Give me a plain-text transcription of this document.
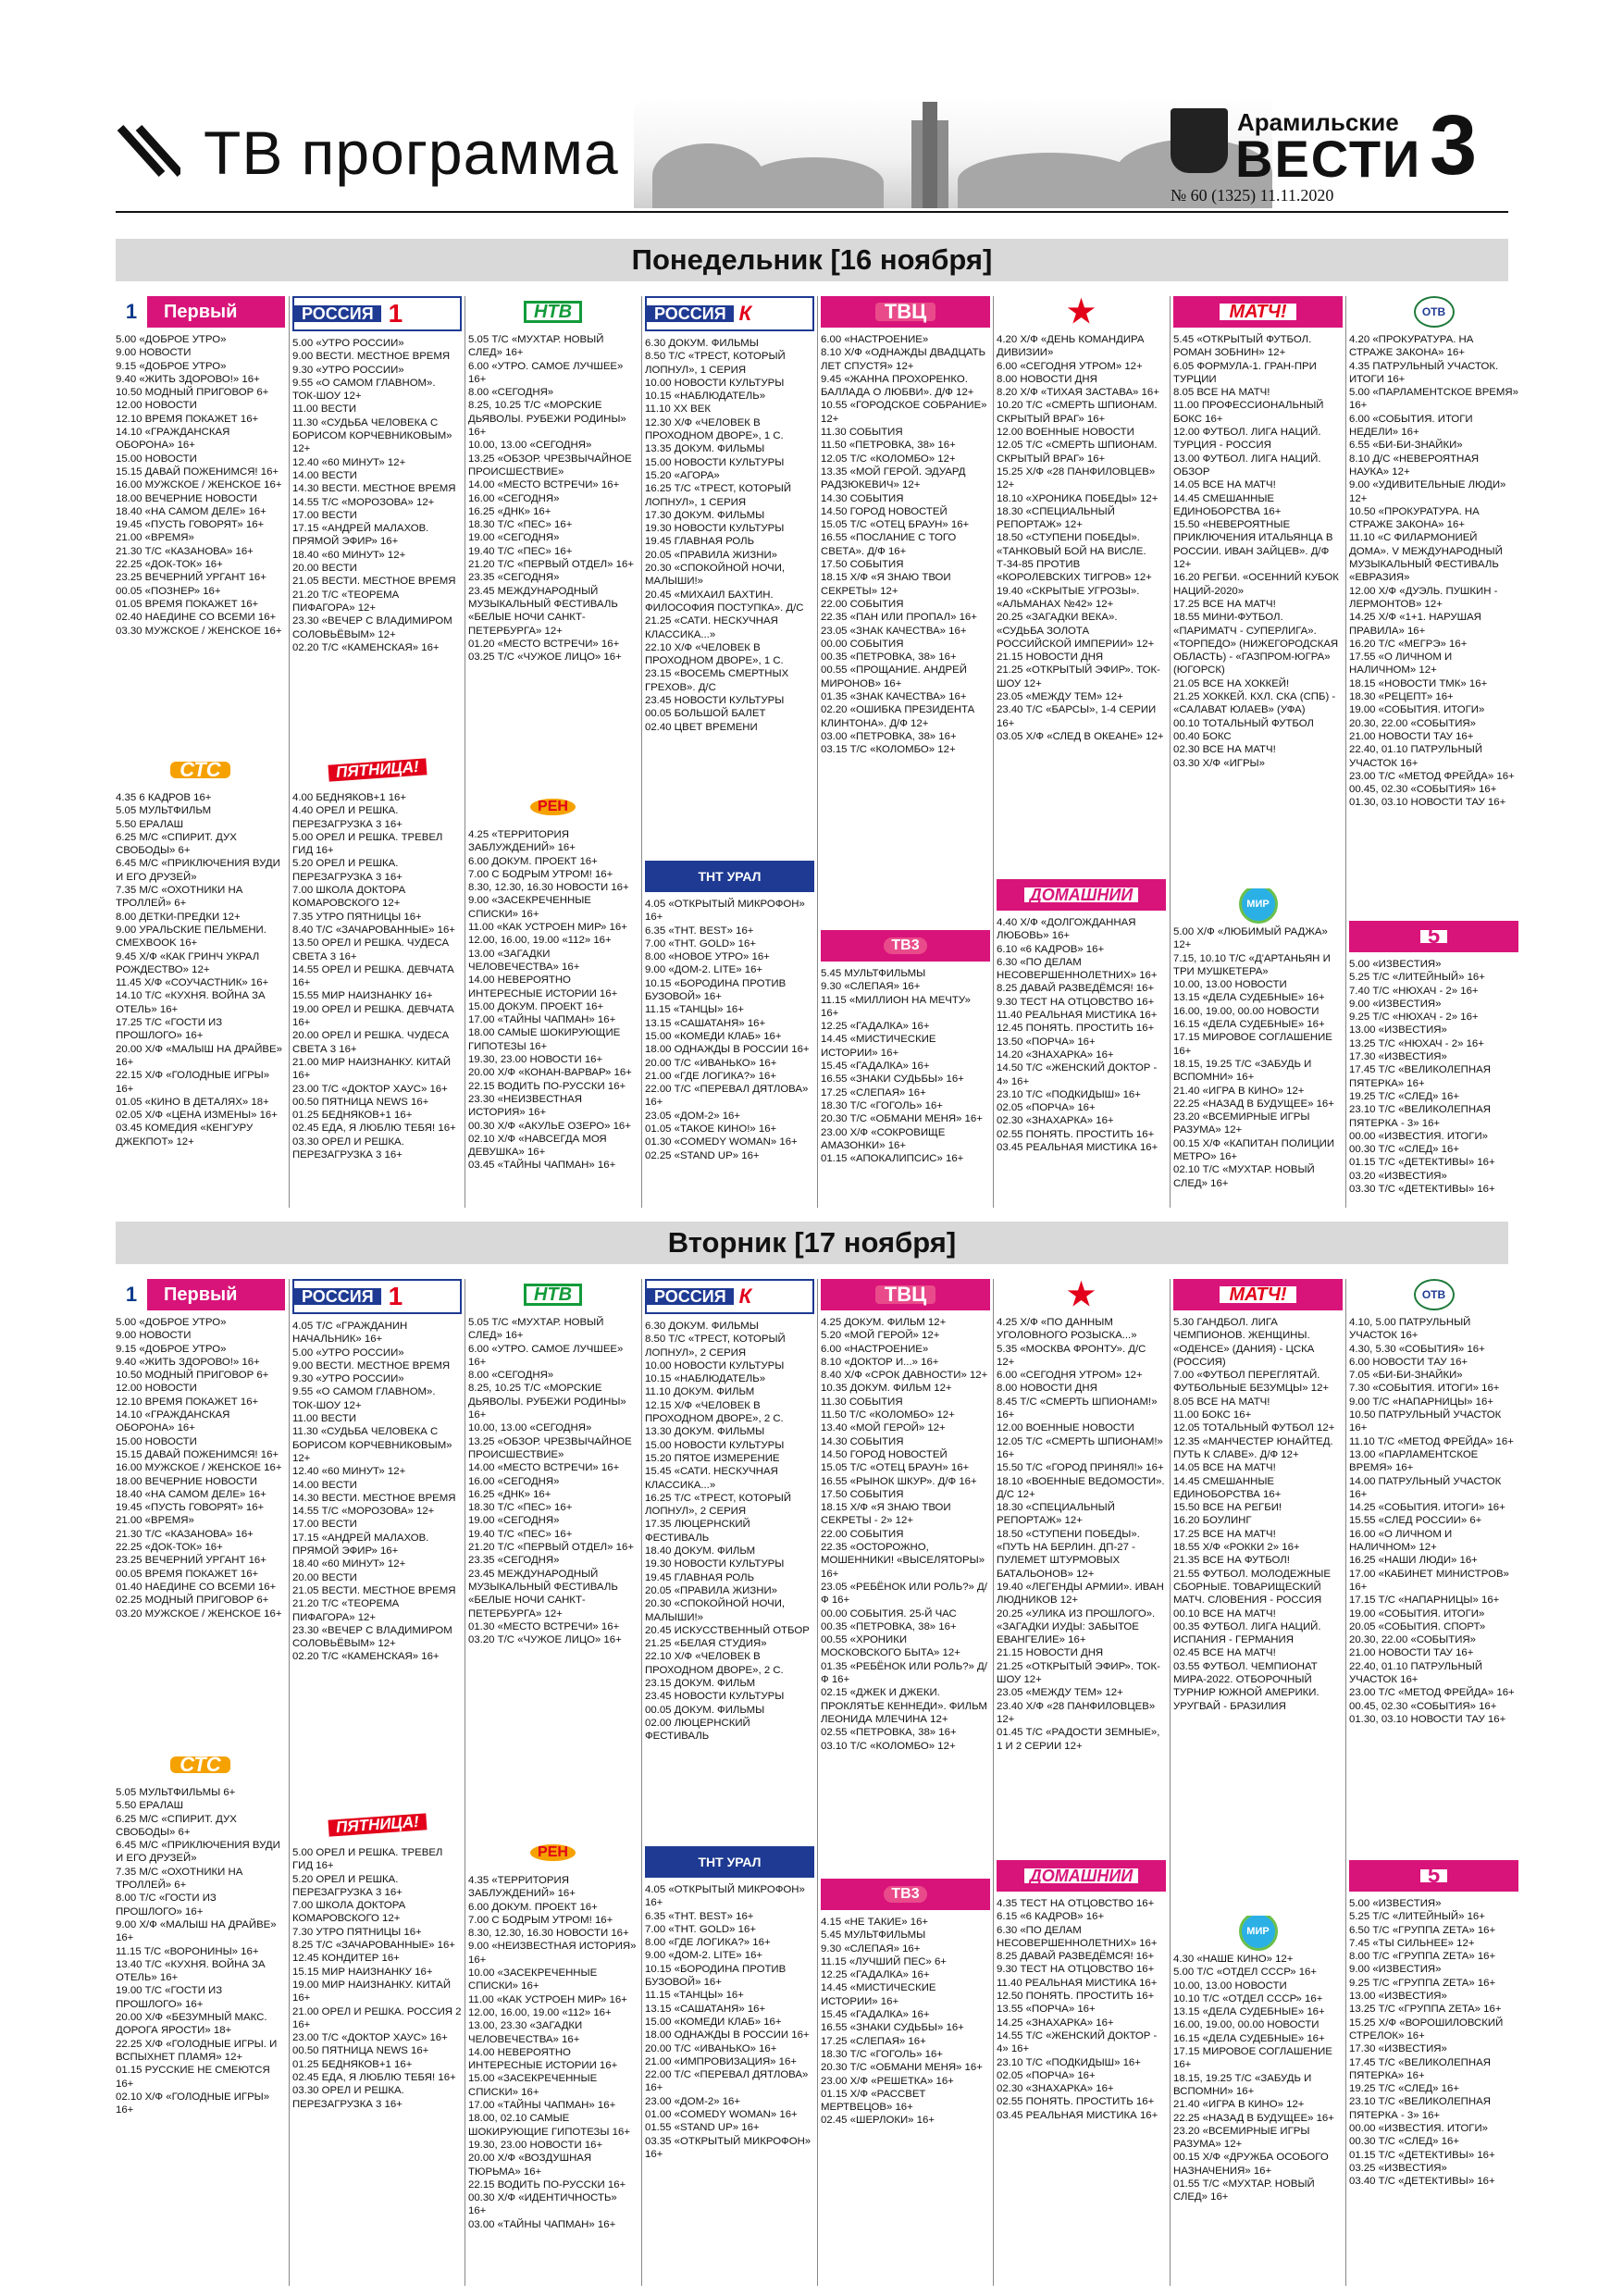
ТВ программа	Арамильские
ВЕСТИ
№ 60 (1325) 11.11.2020
3
Понедельник [16 ноября]
Вторник [17 ноября]
1	Первый
5.00 «ДОБРОЕ УТРО»
9.00 НОВОСТИ
9.15 «ДОБРОЕ УТРО»
9.40 «ЖИТЬ ЗДОРОВО!» 16+
10.50 МОДНЫЙ ПРИГОВОР 6+
12.00 НОВОСТИ
12.10 ВРЕМЯ ПОКАЖЕТ 16+
14.10 «ГРАЖДАНСКАЯ ОБОРОНА» 16+
15.00 НОВОСТИ
15.15 ДАВАЙ ПОЖЕНИМСЯ! 16+
16.00 МУЖСКОЕ / ЖЕНСКОЕ 16+
18.00 ВЕЧЕРНИЕ НОВОСТИ
18.40 «НА САМОМ ДЕЛЕ» 16+
19.45 «ПУСТЬ ГОВОРЯТ» 16+
21.00 «ВРЕМЯ»
21.30 Т/С «КАЗАНОВА» 16+
22.25 «ДОК-ТОК» 16+
23.25 ВЕЧЕРНИЙ УРГАНТ 16+
00.05 «ПОЗНЕР» 16+
01.05 ВРЕМЯ ПОКАЖЕТ 16+
02.40 НАЕДИНЕ СО ВСЕМИ 16+
03.30 МУЖСКОЕ / ЖЕНСКОЕ 16+
СТС
4.35 6 КАДРОВ 16+
5.05 МУЛЬТФИЛЬМ
5.50 ЕРАЛАШ
6.25 М/С «СПИРИТ. ДУХ СВОБОДЫ» 6+
6.45 М/С «ПРИКЛЮЧЕНИЯ ВУДИ И ЕГО ДРУЗЕЙ»
7.35 М/С «ОХОТНИКИ НА ТРОЛЛЕЙ» 6+
8.00 ДЕТКИ-ПРЕДКИ 12+
9.00 УРАЛЬСКИЕ ПЕЛЬМЕНИ. СМЕХBOOK 16+
9.45 Х/Ф «КАК ГРИНЧ УКРАЛ РОЖДЕСТВО» 12+
11.45 Х/Ф «СОУЧАСТНИК» 16+
14.10 Т/С «КУХНЯ. ВОЙНА ЗА ОТЕЛЬ» 16+
17.25 Т/С «ГОСТИ ИЗ ПРОШЛОГО» 16+
20.00 Х/Ф «МАЛЫШ НА ДРАЙВЕ» 16+
22.15 Х/Ф «ГОЛОДНЫЕ ИГРЫ» 16+
01.05 «КИНО В ДЕТАЛЯХ» 18+
02.05 Х/Ф «ЦЕНА ИЗМЕНЫ» 16+
03.45 КОМЕДИЯ «КЕНГУРУ ДЖЕКПОТ» 12+
РОССИЯ 1
5.00 «УТРО РОССИИ»
9.00 ВЕСТИ. МЕСТНОЕ ВРЕМЯ
9.30 «УТРО РОССИИ»
9.55 «О САМОМ ГЛАВНОМ». ТОК-ШОУ 12+
11.00 ВЕСТИ
11.30 «СУДЬБА ЧЕЛОВЕКА С БОРИСОМ КОРЧЕВНИКОВЫМ» 12+
12.40 «60 МИНУТ» 12+
14.00 ВЕСТИ
14.30 ВЕСТИ. МЕСТНОЕ ВРЕМЯ
14.55 Т/С «МОРОЗОВА» 12+
17.00 ВЕСТИ
17.15 «АНДРЕЙ МАЛАХОВ. ПРЯМОЙ ЭФИР» 16+
18.40 «60 МИНУТ» 12+
20.00 ВЕСТИ
21.05 ВЕСТИ. МЕСТНОЕ ВРЕМЯ
21.20 Т/С «ТЕОРЕМА ПИФАГОРА» 12+
23.30 «ВЕЧЕР С ВЛАДИМИРОМ СОЛОВЬЁВЫМ» 12+
02.20 Т/С «КАМЕНСКАЯ» 16+
ПЯТНИЦА!
4.00 БЕДНЯКОВ+1 16+
4.40 ОРЕЛ И РЕШКА. ПЕРЕЗАГРУЗКА 3 16+
5.00 ОРЕЛ И РЕШКА. ТРЕВЕЛ ГИД 16+
5.20 ОРЕЛ И РЕШКА. ПЕРЕЗАГРУЗКА 3 16+
7.00 ШКОЛА ДОКТОРА КОМАРОВСКОГО 12+
7.35 УТРО ПЯТНИЦЫ 16+
8.40 Т/С «ЗАЧАРОВАННЫЕ» 16+
13.50 ОРЕЛ И РЕШКА. ЧУДЕСА СВЕТА 3 16+
14.55 ОРЕЛ И РЕШКА. ДЕВЧАТА 16+
15.55 МИР НАИЗНАНКУ 16+
19.00 ОРЕЛ И РЕШКА. ДЕВЧАТА 16+
20.00 ОРЕЛ И РЕШКА. ЧУДЕСА СВЕТА 3 16+
21.00 МИР НАИЗНАНКУ. КИТАЙ 16+
23.00 Т/С «ДОКТОР ХАУС» 16+
00.50 ПЯТНИЦА NEWS 16+
01.25 БЕДНЯКОВ+1 16+
02.45 ЕДА, Я ЛЮБЛЮ ТЕБЯ! 16+
03.30 ОРЕЛ И РЕШКА. ПЕРЕЗАГРУЗКА 3 16+
НТВ
5.05 Т/С «МУХТАР. НОВЫЙ СЛЕД» 16+
6.00 «УТРО. САМОЕ ЛУЧШЕЕ» 16+
8.00 «СЕГОДНЯ»
8.25, 10.25 Т/С «МОРСКИЕ ДЬЯВОЛЫ. РУБЕЖИ РОДИНЫ» 16+
10.00, 13.00 «СЕГОДНЯ»
13.25 «ОБЗОР. ЧРЕЗВЫЧАЙНОЕ ПРОИСШЕСТВИЕ»
14.00 «МЕСТО ВСТРЕЧИ» 16+
16.00 «СЕГОДНЯ»
16.25 «ДНК» 16+
18.30 Т/С «ПЕС» 16+
19.00 «СЕГОДНЯ»
19.40 Т/С «ПЕС» 16+
21.20 Т/С «ПЕРВЫЙ ОТДЕЛ» 16+
23.35 «СЕГОДНЯ»
23.45 МЕЖДУНАРОДНЫЙ МУЗЫКАЛЬНЫЙ ФЕСТИВАЛЬ «БЕЛЫЕ НОЧИ САНКТ-ПЕТЕРБУРГА» 12+
01.20 «МЕСТО ВСТРЕЧИ» 16+
03.25 Т/С «ЧУЖОЕ ЛИЦО» 16+
РЕН
4.25 «ТЕРРИТОРИЯ ЗАБЛУЖДЕНИЙ» 16+
6.00 ДОКУМ. ПРОЕКТ 16+
7.00 С БОДРЫМ УТРОМ! 16+
8.30, 12.30, 16.30 НОВОСТИ 16+
9.00 «ЗАСЕКРЕЧЕННЫЕ СПИСКИ» 16+
11.00 «КАК УСТРОЕН МИР» 16+
12.00, 16.00, 19.00 «112» 16+
13.00 «ЗАГАДКИ ЧЕЛОВЕЧЕСТВА» 16+
14.00 НЕВЕРОЯТНО ИНТЕРЕСНЫЕ ИСТОРИИ 16+
15.00 ДОКУМ. ПРОЕКТ 16+
17.00 «ТАЙНЫ ЧАПМАН» 16+
18.00 САМЫЕ ШОКИРУЮЩИЕ ГИПОТЕЗЫ 16+
19.30, 23.00 НОВОСТИ 16+
20.00 Х/Ф «КОНАН-ВАРВАР» 16+
22.15 ВОДИТЬ ПО-РУССКИ 16+
23.30 «НЕИЗВЕСТНАЯ ИСТОРИЯ» 16+
00.30 Х/Ф «АКУЛЬЕ ОЗЕРО» 16+
02.10 Х/Ф «НАВСЕГДА МОЯ ДЕВУШКА» 16+
03.45 «ТАЙНЫ ЧАПМАН» 16+
РОССИЯ К
6.30 ДОКУМ. ФИЛЬМЫ
8.50 Т/С «ТРЕСТ, КОТОРЫЙ ЛОПНУЛ», 1 СЕРИЯ
10.00 НОВОСТИ КУЛЬТУРЫ
10.15 «НАБЛЮДАТЕЛЬ»
11.10 ХХ ВЕК
12.30 Х/Ф «ЧЕЛОВЕК В ПРОХОДНОМ ДВОРЕ», 1 С.
13.35 ДОКУМ. ФИЛЬМЫ
15.00 НОВОСТИ КУЛЬТУРЫ
15.20 «АГОРА»
16.25 Т/С «ТРЕСТ, КОТОРЫЙ ЛОПНУЛ», 1 СЕРИЯ
17.30 ДОКУМ. ФИЛЬМЫ
19.30 НОВОСТИ КУЛЬТУРЫ
19.45 ГЛАВНАЯ РОЛЬ
20.05 «ПРАВИЛА ЖИЗНИ»
20.30 «СПОКОЙНОЙ НОЧИ, МАЛЫШИ!»
20.45 «МИХАИЛ БАХТИН. ФИЛОСОФИЯ ПОСТУПКА». Д/С
21.25 «САТИ. НЕСКУЧНАЯ КЛАССИКА...»
22.10 Х/Ф «ЧЕЛОВЕК В ПРОХОДНОМ ДВОРЕ», 1 С.
23.15 «ВОСЕМЬ СМЕРТНЫХ ГРЕХОВ». Д/С
23.45 НОВОСТИ КУЛЬТУРЫ
00.05 БОЛЬШОЙ БАЛЕТ
02.40 ЦВЕТ ВРЕМЕНИ
ТНТ УРАЛ
4.05 «ОТКРЫТЫЙ МИКРОФОН» 16+
6.35 «ТНТ. BEST» 16+
7.00 «ТНТ. GOLD» 16+
8.00 «НОВОЕ УТРО» 16+
9.00 «ДОМ-2. LITE» 16+
10.15 «БОРОДИНА ПРОТИВ БУЗОВОЙ» 16+
11.15 «ТАНЦЫ» 16+
13.15 «САШАТАНЯ» 16+
15.00 «КОМЕДИ КЛАБ» 16+
18.00 ОДНАЖДЫ В РОССИИ 16+
20.00 Т/С «ИВАНЬКО» 16+
21.00 «ГДЕ ЛОГИКА?» 16+
22.00 Т/С «ПЕРЕВАЛ ДЯТЛОВА» 16+
23.05 «ДОМ-2» 16+
01.05 «ТАКОЕ КИНО!» 16+
01.30 «COMEDY WOMAN» 16+
02.25 «STAND UP» 16+
ТВЦ
6.00 «НАСТРОЕНИЕ»
8.10 Х/Ф «ОДНАЖДЫ ДВАДЦАТЬ ЛЕТ СПУСТЯ» 12+
9.45 «ЖАННА ПРОХОРЕНКО. БАЛЛАДА О ЛЮБВИ». Д/Ф 12+
10.55 «ГОРОДСКОЕ СОБРАНИЕ» 12+
11.30 СОБЫТИЯ
11.50 «ПЕТРОВКА, 38» 16+
12.05 Т/С «КОЛОМБО» 12+
13.35 «МОЙ ГЕРОЙ. ЭДУАРД РАДЗЮКЕВИЧ» 12+
14.30 СОБЫТИЯ
14.50 ГОРОД НОВОСТЕЙ
15.05 Т/С «ОТЕЦ БРАУН» 16+
16.55 «ПОСЛАНИЕ С ТОГО СВЕТА». Д/Ф 16+
17.50 СОБЫТИЯ
18.15 Х/Ф «Я ЗНАЮ ТВОИ СЕКРЕТЫ» 12+
22.00 СОБЫТИЯ
22.35 «ПАН ИЛИ ПРОПАЛ» 16+
23.05 «ЗНАК КАЧЕСТВА» 16+
00.00 СОБЫТИЯ
00.35 «ПЕТРОВКА, 38» 16+
00.55 «ПРОЩАНИЕ. АНДРЕЙ МИРОНОВ» 16+
01.35 «ЗНАК КАЧЕСТВА» 16+
02.20 «ОШИБКА ПРЕЗИДЕНТА КЛИНТОНА». Д/Ф 12+
03.00 «ПЕТРОВКА, 38» 16+
03.15 Т/С «КОЛОМБО» 12+
ТВ3
5.45 МУЛЬТФИЛЬМЫ
9.30 «СЛЕПАЯ» 16+
11.15 «МИЛЛИОН НА МЕЧТУ» 16+
12.25 «ГАДАЛКА» 16+
14.45 «МИСТИЧЕСКИЕ ИСТОРИИ» 16+
15.45 «ГАДАЛКА» 16+
16.55 «ЗНАКИ СУДЬБЫ» 16+
17.25 «СЛЕПАЯ» 16+
18.30 Т/С «ГОГОЛЬ» 16+
20.30 Т/С «ОБМАНИ МЕНЯ» 16+
23.00 Х/Ф «СОКРОВИЩЕ АМАЗОНКИ» 16+
01.15 «АПОКАЛИПСИС» 16+
★
4.20 Х/Ф «ДЕНЬ КОМАНДИРА ДИВИЗИИ»
6.00 «СЕГОДНЯ УТРОМ» 12+
8.00 НОВОСТИ ДНЯ
8.20 Х/Ф «ТИХАЯ ЗАСТАВА» 16+
10.20 Т/С «СМЕРТЬ ШПИОНАМ. СКРЫТЫЙ ВРАГ» 16+
12.00 ВОЕННЫЕ НОВОСТИ
12.05 Т/С «СМЕРТЬ ШПИОНАМ. СКРЫТЫЙ ВРАГ» 16+
15.25 Х/Ф «28 ПАНФИЛОВЦЕВ» 12+
18.10 «ХРОНИКА ПОБЕДЫ» 12+
18.30 «СПЕЦИАЛЬНЫЙ РЕПОРТАЖ» 12+
18.50 «СТУПЕНИ ПОБЕДЫ». «ТАНКОВЫЙ БОЙ НА ВИСЛЕ. Т-34-85 ПРОТИВ «КОРОЛЕВСКИХ ТИГРОВ» 12+
19.40 «СКРЫТЫЕ УГРОЗЫ». «АЛЬМАНАХ №42» 12+
20.25 «ЗАГАДКИ ВЕКА». «СУДЬБА ЗОЛОТА РОССИЙСКОЙ ИМПЕРИИ» 12+
21.15 НОВОСТИ ДНЯ
21.25 «ОТКРЫТЫЙ ЭФИР». ТОК-ШОУ 12+
23.05 «МЕЖДУ ТЕМ» 12+
23.40 Т/С «БАРСЫ», 1-4 СЕРИИ 16+
03.05 Х/Ф «СЛЕД В ОКЕАНЕ» 12+
ДОМАШНИЙ
4.40 Х/Ф «ДОЛГОЖДАННАЯ ЛЮБОВЬ» 16+
6.10 «6 КАДРОВ» 16+
6.30 «ПО ДЕЛАМ НЕСОВЕРШЕННОЛЕТНИХ» 16+
8.25 ДАВАЙ РАЗВЕДЁМСЯ! 16+
9.30 ТЕСТ НА ОТЦОВСТВО 16+
11.40 РЕАЛЬНАЯ МИСТИКА 16+
12.45 ПОНЯТЬ. ПРОСТИТЬ 16+
13.50 «ПОРЧА» 16+
14.20 «ЗНАХАРКА» 16+
14.50 Т/С «ЖЕНСКИЙ ДОКТОР - 4» 16+
23.10 Т/С «ПОДКИДЫШ» 16+
02.05 «ПОРЧА» 16+
02.30 «ЗНАХАРКА» 16+
02.55 ПОНЯТЬ. ПРОСТИТЬ 16+
03.45 РЕАЛЬНАЯ МИСТИКА 16+
МАТЧ!
5.45 «ОТКРЫТЫЙ ФУТБОЛ. РОМАН ЗОБНИН» 12+
6.05 ФОРМУЛА-1. ГРАН-ПРИ ТУРЦИИ
8.05 ВСЕ НА МАТЧ!
11.00 ПРОФЕССИОНАЛЬНЫЙ БОКС 16+
12.00 ФУТБОЛ. ЛИГА НАЦИЙ. ТУРЦИЯ - РОССИЯ
13.00 ФУТБОЛ. ЛИГА НАЦИЙ. ОБЗОР
14.05 ВСЕ НА МАТЧ!
14.45 СМЕШАННЫЕ ЕДИНОБОРСТВА 16+
15.50 «НЕВЕРОЯТНЫЕ ПРИКЛЮЧЕНИЯ ИТАЛЬЯНЦА В РОССИИ. ИВАН ЗАЙЦЕВ». Д/Ф 12+
16.20 РЕГБИ. «ОСЕННИЙ КУБОК НАЦИЙ-2020»
17.25 ВСЕ НА МАТЧ!
18.55 МИНИ-ФУТБОЛ. «ПАРИМАТЧ - СУПЕРЛИГА». «ТОРПЕДО» (НИЖЕГОРОДСКАЯ ОБЛАСТЬ) - «ГАЗПРОМ-ЮГРА» (ЮГОРСК)
21.05 ВСЕ НА ХОККЕЙ!
21.25 ХОККЕЙ. КХЛ. СКА (СПБ) - «САЛАВАТ ЮЛАЕВ» (УФА)
00.10 ТОТАЛЬНЫЙ ФУТБОЛ
00.40 БОКС
02.30 ВСЕ НА МАТЧ!
03.30 Х/Ф «ИГРЫ»
МИР
5.00 Х/Ф «ЛЮБИМЫЙ РАДЖА» 12+
7.15, 10.10 Т/С «Д'АРТАНЬЯН И ТРИ МУШКЕТЕРА»
10.00, 13.00 НОВОСТИ
13.15 «ДЕЛА СУДЕБНЫЕ» 16+
16.00, 19.00, 00.00 НОВОСТИ
16.15 «ДЕЛА СУДЕБНЫЕ» 16+
17.15 МИРОВОЕ СОГЛАШЕНИЕ 16+
18.15, 19.25 Т/С «ЗАБУДЬ И ВСПОМНИ» 16+
21.40 «ИГРА В КИНО» 12+
22.25 «НАЗАД В БУДУЩЕЕ» 16+
23.20 «ВСЕМИРНЫЕ ИГРЫ РАЗУМА» 12+
00.15 Х/Ф «КАПИТАН ПОЛИЦИИ МЕТРО» 16+
02.10 Т/С «МУХТАР. НОВЫЙ СЛЕД» 16+
ОТВ
4.20 «ПРОКУРАТУРА. НА СТРАЖЕ ЗАКОНА» 16+
4.35 ПАТРУЛЬНЫЙ УЧАСТОК. ИТОГИ 16+
5.00 «ПАРЛАМЕНТСКОЕ ВРЕМЯ» 16+
6.00 «СОБЫТИЯ. ИТОГИ НЕДЕЛИ» 16+
6.55 «БИ-БИ-ЗНАЙКИ»
8.10 Д/С «НЕВЕРОЯТНАЯ НАУКА» 12+
9.00 «УДИВИТЕЛЬНЫЕ ЛЮДИ» 12+
10.50 «ПРОКУРАТУРА. НА СТРАЖЕ ЗАКОНА» 16+
11.10 «С ФИЛАРМОНИЕЙ ДОМА». V МЕЖДУНАРОДНЫЙ МУЗЫКАЛЬНЫЙ ФЕСТИВАЛЬ «ЕВРАЗИЯ»
12.00 Х/Ф «ДУЭЛЬ. ПУШКИН - ЛЕРМОНТОВ» 12+
14.25 Х/Ф «1+1. НАРУШАЯ ПРАВИЛА» 16+
16.20 Т/С «МЕГРЭ» 16+
17.55 «О ЛИЧНОМ И НАЛИЧНОМ» 12+
18.15 «НОВОСТИ ТМК» 16+
18.30 «РЕЦЕПТ» 16+
19.00 «СОБЫТИЯ. ИТОГИ»
20.30, 22.00 «СОБЫТИЯ»
21.00 НОВОСТИ ТАУ 16+
22.40, 01.10 ПАТРУЛЬНЫЙ УЧАСТОК 16+
23.00 Т/С «МЕТОД ФРЕЙДА» 16+
00.45, 02.30 «СОБЫТИЯ» 16+
01.30, 03.10 НОВОСТИ ТАУ 16+
5
5.00 «ИЗВЕСТИЯ»
5.25 Т/С «ЛИТЕЙНЫЙ» 16+
7.40 Т/С «НЮХАЧ - 2» 16+
9.00 «ИЗВЕСТИЯ»
9.25 Т/С «НЮХАЧ - 2» 16+
13.00 «ИЗВЕСТИЯ»
13.25 Т/С «НЮХАЧ - 2» 16+
17.30 «ИЗВЕСТИЯ»
17.45 Т/С «ВЕЛИКОЛЕПНАЯ ПЯТЕРКА» 16+
19.25 Т/С «СЛЕД» 16+
23.10 Т/С «ВЕЛИКОЛЕПНАЯ ПЯТЕРКА - 3» 16+
00.00 «ИЗВЕСТИЯ. ИТОГИ»
00.30 Т/С «СЛЕД» 16+
01.15 Т/С «ДЕТЕКТИВЫ» 16+
03.20 «ИЗВЕСТИЯ»
03.30 Т/С «ДЕТЕКТИВЫ» 16+
1	Первый
5.00 «ДОБРОЕ УТРО»
9.00 НОВОСТИ
9.15 «ДОБРОЕ УТРО»
9.40 «ЖИТЬ ЗДОРОВО!» 16+
10.50 МОДНЫЙ ПРИГОВОР 6+
12.00 НОВОСТИ
12.10 ВРЕМЯ ПОКАЖЕТ 16+
14.10 «ГРАЖДАНСКАЯ ОБОРОНА» 16+
15.00 НОВОСТИ
15.15 ДАВАЙ ПОЖЕНИМСЯ! 16+
16.00 МУЖСКОЕ / ЖЕНСКОЕ 16+
18.00 ВЕЧЕРНИЕ НОВОСТИ
18.40 «НА САМОМ ДЕЛЕ» 16+
19.45 «ПУСТЬ ГОВОРЯТ» 16+
21.00 «ВРЕМЯ»
21.30 Т/С «КАЗАНОВА» 16+
22.25 «ДОК-ТОК» 16+
23.25 ВЕЧЕРНИЙ УРГАНТ 16+
00.05 ВРЕМЯ ПОКАЖЕТ 16+
01.40 НАЕДИНЕ СО ВСЕМИ 16+
02.25 МОДНЫЙ ПРИГОВОР 6+
03.20 МУЖСКОЕ / ЖЕНСКОЕ 16+
СТС
5.05 МУЛЬТФИЛЬМЫ 6+
5.50 ЕРАЛАШ
6.25 М/С «СПИРИТ. ДУХ СВОБОДЫ» 6+
6.45 М/С «ПРИКЛЮЧЕНИЯ ВУДИ И ЕГО ДРУЗЕЙ»
7.35 М/С «ОХОТНИКИ НА ТРОЛЛЕЙ» 6+
8.00 Т/С «ГОСТИ ИЗ ПРОШЛОГО» 16+
9.00 Х/Ф «МАЛЫШ НА ДРАЙВЕ» 16+
11.15 Т/С «ВОРОНИНЫ» 16+
13.40 Т/С «КУХНЯ. ВОЙНА ЗА ОТЕЛЬ» 16+
19.00 Т/С «ГОСТИ ИЗ ПРОШЛОГО» 16+
20.00 Х/Ф «БЕЗУМНЫЙ МАКС. ДОРОГА ЯРОСТИ» 18+
22.25 Х/Ф «ГОЛОДНЫЕ ИГРЫ. И ВСПЫХНЕТ ПЛАМЯ» 12+
01.15 РУССКИЕ НЕ СМЕЮТСЯ 16+
02.10 Х/Ф «ГОЛОДНЫЕ ИГРЫ» 16+
РОССИЯ 1
4.05 Т/С «ГРАЖДАНИН НАЧАЛЬНИК» 16+
5.00 «УТРО РОССИИ»
9.00 ВЕСТИ. МЕСТНОЕ ВРЕМЯ
9.30 «УТРО РОССИИ»
9.55 «О САМОМ ГЛАВНОМ». ТОК-ШОУ 12+
11.00 ВЕСТИ
11.30 «СУДЬБА ЧЕЛОВЕКА С БОРИСОМ КОРЧЕВНИКОВЫМ» 12+
12.40 «60 МИНУТ» 12+
14.00 ВЕСТИ
14.30 ВЕСТИ. МЕСТНОЕ ВРЕМЯ
14.55 Т/С «МОРОЗОВА» 12+
17.00 ВЕСТИ
17.15 «АНДРЕЙ МАЛАХОВ. ПРЯМОЙ ЭФИР» 16+
18.40 «60 МИНУТ» 12+
20.00 ВЕСТИ
21.05 ВЕСТИ. МЕСТНОЕ ВРЕМЯ
21.20 Т/С «ТЕОРЕМА ПИФАГОРА» 12+
23.30 «ВЕЧЕР С ВЛАДИМИРОМ СОЛОВЬЁВЫМ» 12+
02.20 Т/С «КАМЕНСКАЯ» 16+
ПЯТНИЦА!
5.00 ОРЕЛ И РЕШКА. ТРЕВЕЛ ГИД 16+
5.20 ОРЕЛ И РЕШКА. ПЕРЕЗАГРУЗКА 3 16+
7.00 ШКОЛА ДОКТОРА КОМАРОВСКОГО 12+
7.30 УТРО ПЯТНИЦЫ 16+
8.25 Т/С «ЗАЧАРОВАННЫЕ» 16+
12.45 КОНДИТЕР 16+
15.15 МИР НАИЗНАНКУ 16+
19.00 МИР НАИЗНАНКУ. КИТАЙ 16+
21.00 ОРЕЛ И РЕШКА. РОССИЯ 2 16+
23.00 Т/С «ДОКТОР ХАУС» 16+
00.50 ПЯТНИЦА NEWS 16+
01.25 БЕДНЯКОВ+1 16+
02.45 ЕДА, Я ЛЮБЛЮ ТЕБЯ! 16+
03.30 ОРЕЛ И РЕШКА. ПЕРЕЗАГРУЗКА 3 16+
НТВ
5.05 Т/С «МУХТАР. НОВЫЙ СЛЕД» 16+
6.00 «УТРО. САМОЕ ЛУЧШЕЕ» 16+
8.00 «СЕГОДНЯ»
8.25, 10.25 Т/С «МОРСКИЕ ДЬЯВОЛЫ. РУБЕЖИ РОДИНЫ» 16+
10.00, 13.00 «СЕГОДНЯ»
13.25 «ОБЗОР. ЧРЕЗВЫЧАЙНОЕ ПРОИСШЕСТВИЕ»
14.00 «МЕСТО ВСТРЕЧИ» 16+
16.00 «СЕГОДНЯ»
16.25 «ДНК» 16+
18.30 Т/С «ПЕС» 16+
19.00 «СЕГОДНЯ»
19.40 Т/С «ПЕС» 16+
21.20 Т/С «ПЕРВЫЙ ОТДЕЛ» 16+
23.35 «СЕГОДНЯ»
23.45 МЕЖДУНАРОДНЫЙ МУЗЫКАЛЬНЫЙ ФЕСТИВАЛЬ «БЕЛЫЕ НОЧИ САНКТ-ПЕТЕРБУРГА» 12+
01.30 «МЕСТО ВСТРЕЧИ» 16+
03.20 Т/С «ЧУЖОЕ ЛИЦО» 16+
РЕН
4.35 «ТЕРРИТОРИЯ ЗАБЛУЖДЕНИЙ» 16+
6.00 ДОКУМ. ПРОЕКТ 16+
7.00 С БОДРЫМ УТРОМ! 16+
8.30, 12.30, 16.30 НОВОСТИ 16+
9.00 «НЕИЗВЕСТНАЯ ИСТОРИЯ» 16+
10.00 «ЗАСЕКРЕЧЕННЫЕ СПИСКИ» 16+
11.00 «КАК УСТРОЕН МИР» 16+
12.00, 16.00, 19.00 «112» 16+
13.00, 23.30 «ЗАГАДКИ ЧЕЛОВЕЧЕСТВА» 16+
14.00 НЕВЕРОЯТНО ИНТЕРЕСНЫЕ ИСТОРИИ 16+
15.00 «ЗАСЕКРЕЧЕННЫЕ СПИСКИ» 16+
17.00 «ТАЙНЫ ЧАПМАН» 16+
18.00, 02.10 САМЫЕ ШОКИРУЮЩИЕ ГИПОТЕЗЫ 16+
19.30, 23.00 НОВОСТИ 16+
20.00 Х/Ф «ВОЗДУШНАЯ ТЮРЬМА» 16+
22.15 ВОДИТЬ ПО-РУССКИ 16+
00.30 Х/Ф «ИДЕНТИЧНОСТЬ» 16+
03.00 «ТАЙНЫ ЧАПМАН» 16+
РОССИЯ К
6.30 ДОКУМ. ФИЛЬМЫ
8.50 Т/С «ТРЕСТ, КОТОРЫЙ ЛОПНУЛ», 2 СЕРИЯ
10.00 НОВОСТИ КУЛЬТУРЫ
10.15 «НАБЛЮДАТЕЛЬ»
11.10 ДОКУМ. ФИЛЬМ
12.15 Х/Ф «ЧЕЛОВЕК В ПРОХОДНОМ ДВОРЕ», 2 С.
13.30 ДОКУМ. ФИЛЬМЫ
15.00 НОВОСТИ КУЛЬТУРЫ
15.20 ПЯТОЕ ИЗМЕРЕНИЕ
15.45 «САТИ. НЕСКУЧНАЯ КЛАССИКА...»
16.25 Т/С «ТРЕСТ, КОТОРЫЙ ЛОПНУЛ», 2 СЕРИЯ
17.35 ЛЮЦЕРНСКИЙ ФЕСТИВАЛЬ
18.40 ДОКУМ. ФИЛЬМ
19.30 НОВОСТИ КУЛЬТУРЫ
19.45 ГЛАВНАЯ РОЛЬ
20.05 «ПРАВИЛА ЖИЗНИ»
20.30 «СПОКОЙНОЙ НОЧИ, МАЛЫШИ!»
20.45 ИСКУССТВЕННЫЙ ОТБОР
21.25 «БЕЛАЯ СТУДИЯ»
22.10 Х/Ф «ЧЕЛОВЕК В ПРОХОДНОМ ДВОРЕ», 2 С.
23.15 ДОКУМ. ФИЛЬМ
23.45 НОВОСТИ КУЛЬТУРЫ
00.05 ДОКУМ. ФИЛЬМЫ
02.00 ЛЮЦЕРНСКИЙ ФЕСТИВАЛЬ
ТНТ УРАЛ
4.05 «ОТКРЫТЫЙ МИКРОФОН» 16+
6.35 «ТНТ. BEST» 16+
7.00 «ТНТ. GOLD» 16+
8.00 «ГДЕ ЛОГИКА?» 16+
9.00 «ДОМ-2. LITE» 16+
10.15 «БОРОДИНА ПРОТИВ БУЗОВОЙ» 16+
11.15 «ТАНЦЫ» 16+
13.15 «САШАТАНЯ» 16+
15.00 «КОМЕДИ КЛАБ» 16+
18.00 ОДНАЖДЫ В РОССИИ 16+
20.00 Т/С «ИВАНЬКО» 16+
21.00 «ИМПРОВИЗАЦИЯ» 16+
22.00 Т/С «ПЕРЕВАЛ ДЯТЛОВА» 16+
23.00 «ДОМ-2» 16+
01.00 «COMEDY WOMAN» 16+
01.55 «STAND UP» 16+
03.35 «ОТКРЫТЫЙ МИКРОФОН» 16+
ТВЦ
4.25 ДОКУМ. ФИЛЬМ 12+
5.20 «МОЙ ГЕРОЙ» 12+
6.00 «НАСТРОЕНИЕ»
8.10 «ДОКТОР И...» 16+
8.40 Х/Ф «СРОК ДАВНОСТИ» 12+
10.35 ДОКУМ. ФИЛЬМ 12+
11.30 СОБЫТИЯ
11.50 Т/С «КОЛОМБО» 12+
13.40 «МОЙ ГЕРОЙ» 12+
14.30 СОБЫТИЯ
14.50 ГОРОД НОВОСТЕЙ
15.05 Т/С «ОТЕЦ БРАУН» 16+
16.55 «РЫНОК ШКУР». Д/Ф 16+
17.50 СОБЫТИЯ
18.15 Х/Ф «Я ЗНАЮ ТВОИ СЕКРЕТЫ - 2» 12+
22.00 СОБЫТИЯ
22.35 «ОСТОРОЖНО, МОШЕННИКИ! «ВЫСЕЛЯТОРЫ» 16+
23.05 «РЕБЁНОК ИЛИ РОЛЬ?» Д/Ф 16+
00.00 СОБЫТИЯ. 25-Й ЧАС
00.35 «ПЕТРОВКА, 38» 16+
00.55 «ХРОНИКИ МОСКОВСКОГО БЫТА» 12+
01.35 «РЕБЁНОК ИЛИ РОЛЬ?» Д/Ф 16+
02.15 «ДЖЕК И ДЖЕКИ. ПРОКЛЯТЬЕ КЕННЕДИ». ФИЛЬМ ЛЕОНИДА МЛЕЧИНА 12+
02.55 «ПЕТРОВКА, 38» 16+
03.10 Т/С «КОЛОМБО» 12+
ТВ3
4.15 «НЕ ТАКИЕ» 16+
5.45 МУЛЬТФИЛЬМЫ
9.30 «СЛЕПАЯ» 16+
11.15 «ЛУЧШИЙ ПЕС» 6+
12.25 «ГАДАЛКА» 16+
14.45 «МИСТИЧЕСКИЕ ИСТОРИИ» 16+
15.45 «ГАДАЛКА» 16+
16.55 «ЗНАКИ СУДЬБЫ» 16+
17.25 «СЛЕПАЯ» 16+
18.30 Т/С «ГОГОЛЬ» 16+
20.30 Т/С «ОБМАНИ МЕНЯ» 16+
23.00 Х/Ф «РЕШЕТКА» 16+
01.15 Х/Ф «РАССВЕТ МЕРТВЕЦОВ» 16+
02.45 «ШЕРЛОКИ» 16+
★
4.25 Х/Ф «ПО ДАННЫМ УГОЛОВНОГО РОЗЫСКА...»
5.35 «МОСКВА ФРОНТУ». Д/С 12+
6.00 «СЕГОДНЯ УТРОМ» 12+
8.00 НОВОСТИ ДНЯ
8.45 Т/С «СМЕРТЬ ШПИОНАМ!» 16+
12.00 ВОЕННЫЕ НОВОСТИ
12.05 Т/С «СМЕРТЬ ШПИОНАМ!» 16+
15.50 Т/С «ГОРОД ПРИНЯЛ!» 16+
18.10 «ВОЕННЫЕ ВЕДОМОСТИ». Д/С 12+
18.30 «СПЕЦИАЛЬНЫЙ РЕПОРТАЖ» 12+
18.50 «СТУПЕНИ ПОБЕДЫ». «ПУТЬ НА БЕРЛИН. ДП-27 - ПУЛЕМЕТ ШТУРМОВЫХ БАТАЛЬОНОВ» 12+
19.40 «ЛЕГЕНДЫ АРМИИ». ИВАН ЛЮДНИКОВ 12+
20.25 «УЛИКА ИЗ ПРОШЛОГО». «ЗАГАДКИ ИУДЫ: ЗАБЫТОЕ ЕВАНГЕЛИЕ» 16+
21.15 НОВОСТИ ДНЯ
21.25 «ОТКРЫТЫЙ ЭФИР». ТОК-ШОУ 12+
23.05 «МЕЖДУ ТЕМ» 12+
23.40 Х/Ф «28 ПАНФИЛОВЦЕВ» 12+
01.45 Т/С «РАДОСТИ ЗЕМНЫЕ», 1 И 2 СЕРИИ 12+
ДОМАШНИЙ
4.35 ТЕСТ НА ОТЦОВСТВО 16+
6.15 «6 КАДРОВ» 16+
6.30 «ПО ДЕЛАМ НЕСОВЕРШЕННОЛЕТНИХ» 16+
8.25 ДАВАЙ РАЗВЕДЁМСЯ! 16+
9.30 ТЕСТ НА ОТЦОВСТВО 16+
11.40 РЕАЛЬНАЯ МИСТИКА 16+
12.50 ПОНЯТЬ. ПРОСТИТЬ 16+
13.55 «ПОРЧА» 16+
14.25 «ЗНАХАРКА» 16+
14.55 Т/С «ЖЕНСКИЙ ДОКТОР - 4» 16+
23.10 Т/С «ПОДКИДЫШ» 16+
02.05 «ПОРЧА» 16+
02.30 «ЗНАХАРКА» 16+
02.55 ПОНЯТЬ. ПРОСТИТЬ 16+
03.45 РЕАЛЬНАЯ МИСТИКА 16+
МАТЧ!
5.30 ГАНДБОЛ. ЛИГА ЧЕМПИОНОВ. ЖЕНЩИНЫ. «ОДЕНСЕ» (ДАНИЯ) - ЦСКА (РОССИЯ)
7.00 «ФУТБОЛ ПЕРЕГЛЯТАЙ. ФУТБОЛЬНЫЕ БЕЗУМЦЫ» 12+
8.05 ВСЕ НА МАТЧ!
11.00 БОКС 16+
12.05 ТОТАЛЬНЫЙ ФУТБОЛ 12+
12.35 «МАНЧЕСТЕР ЮНАЙТЕД. ПУТЬ К СЛАВЕ». Д/Ф 12+
14.05 ВСЕ НА МАТЧ!
14.45 СМЕШАННЫЕ ЕДИНОБОРСТВА 16+
15.50 ВСЕ НА РЕГБИ!
16.20 БОУЛИНГ
17.25 ВСЕ НА МАТЧ!
18.55 Х/Ф «РОККИ 2» 16+
21.35 ВСЕ НА ФУТБОЛ!
21.55 ФУТБОЛ. МОЛОДЕЖНЫЕ СБОРНЫЕ. ТОВАРИЩЕСКИЙ МАТЧ. СЛОВЕНИЯ - РОССИЯ
00.10 ВСЕ НА МАТЧ!
00.35 ФУТБОЛ. ЛИГА НАЦИЙ. ИСПАНИЯ - ГЕРМАНИЯ
02.45 ВСЕ НА МАТЧ!
03.55 ФУТБОЛ. ЧЕМПИОНАТ МИРА-2022. ОТБОРОЧНЫЙ ТУРНИР ЮЖНОЙ АМЕРИКИ. УРУГВАЙ - БРАЗИЛИЯ
МИР
4.30 «НАШЕ КИНО» 12+
5.00 Т/С «ОТДЕЛ СССР» 16+
10.00, 13.00 НОВОСТИ
10.10 Т/С «ОТДЕЛ СССР» 16+
13.15 «ДЕЛА СУДЕБНЫЕ» 16+
16.00, 19.00, 00.00 НОВОСТИ
16.15 «ДЕЛА СУДЕБНЫЕ» 16+
17.15 МИРОВОЕ СОГЛАШЕНИЕ 16+
18.15, 19.25 Т/С «ЗАБУДЬ И ВСПОМНИ» 16+
21.40 «ИГРА В КИНО» 12+
22.25 «НАЗАД В БУДУЩЕЕ» 16+
23.20 «ВСЕМИРНЫЕ ИГРЫ РАЗУМА» 12+
00.15 Х/Ф «ДРУЖБА ОСОБОГО НАЗНАЧЕНИЯ» 16+
01.55 Т/С «МУХТАР. НОВЫЙ СЛЕД» 16+
ОТВ
4.10, 5.00 ПАТРУЛЬНЫЙ УЧАСТОК 16+
4.30, 5.30 «СОБЫТИЯ» 16+
6.00 НОВОСТИ ТАУ 16+
7.05 «БИ-БИ-ЗНАЙКИ»
7.30 «СОБЫТИЯ. ИТОГИ» 16+
9.00 Т/С «НАПАРНИЦЫ» 16+
10.50 ПАТРУЛЬНЫЙ УЧАСТОК 16+
11.10 Т/С «МЕТОД ФРЕЙДА» 16+
13.00 «ПАРЛАМЕНТСКОЕ ВРЕМЯ» 16+
14.00 ПАТРУЛЬНЫЙ УЧАСТОК 16+
14.25 «СОБЫТИЯ. ИТОГИ» 16+
15.55 «СЛЕД РОССИИ» 6+
16.00 «О ЛИЧНОМ И НАЛИЧНОМ» 12+
16.25 «НАШИ ЛЮДИ» 16+
17.00 «КАБИНЕТ МИНИСТРОВ» 16+
17.15 Т/С «НАПАРНИЦЫ» 16+
19.00 «СОБЫТИЯ. ИТОГИ»
20.05 «СОБЫТИЯ. СПОРТ»
20.30, 22.00 «СОБЫТИЯ»
21.00 НОВОСТИ ТАУ 16+
22.40, 01.10 ПАТРУЛЬНЫЙ УЧАСТОК 16+
23.00 Т/С «МЕТОД ФРЕЙДА» 16+
00.45, 02.30 «СОБЫТИЯ» 16+
01.30, 03.10 НОВОСТИ ТАУ 16+
5
5.00 «ИЗВЕСТИЯ»
5.25 Т/С «ЛИТЕЙНЫЙ» 16+
6.50 Т/С «ГРУППА ZETA» 16+
7.45 «ТЫ СИЛЬНЕЕ» 12+
8.00 Т/С «ГРУППА ZETA» 16+
9.00 «ИЗВЕСТИЯ»
9.25 Т/С «ГРУППА ZETA» 16+
13.00 «ИЗВЕСТИЯ»
13.25 Т/С «ГРУППА ZETA» 16+
15.25 Х/Ф «ВОРОШИЛОВСКИЙ СТРЕЛОК» 16+
17.30 «ИЗВЕСТИЯ»
17.45 Т/С «ВЕЛИКОЛЕПНАЯ ПЯТЕРКА» 16+
19.25 Т/С «СЛЕД» 16+
23.10 Т/С «ВЕЛИКОЛЕПНАЯ ПЯТЕРКА - 3» 16+
00.00 «ИЗВЕСТИЯ. ИТОГИ»
00.30 Т/С «СЛЕД» 16+
01.15 Т/С «ДЕТЕКТИВЫ» 16+
03.25 «ИЗВЕСТИЯ»
03.40 Т/С «ДЕТЕКТИВЫ» 16+
